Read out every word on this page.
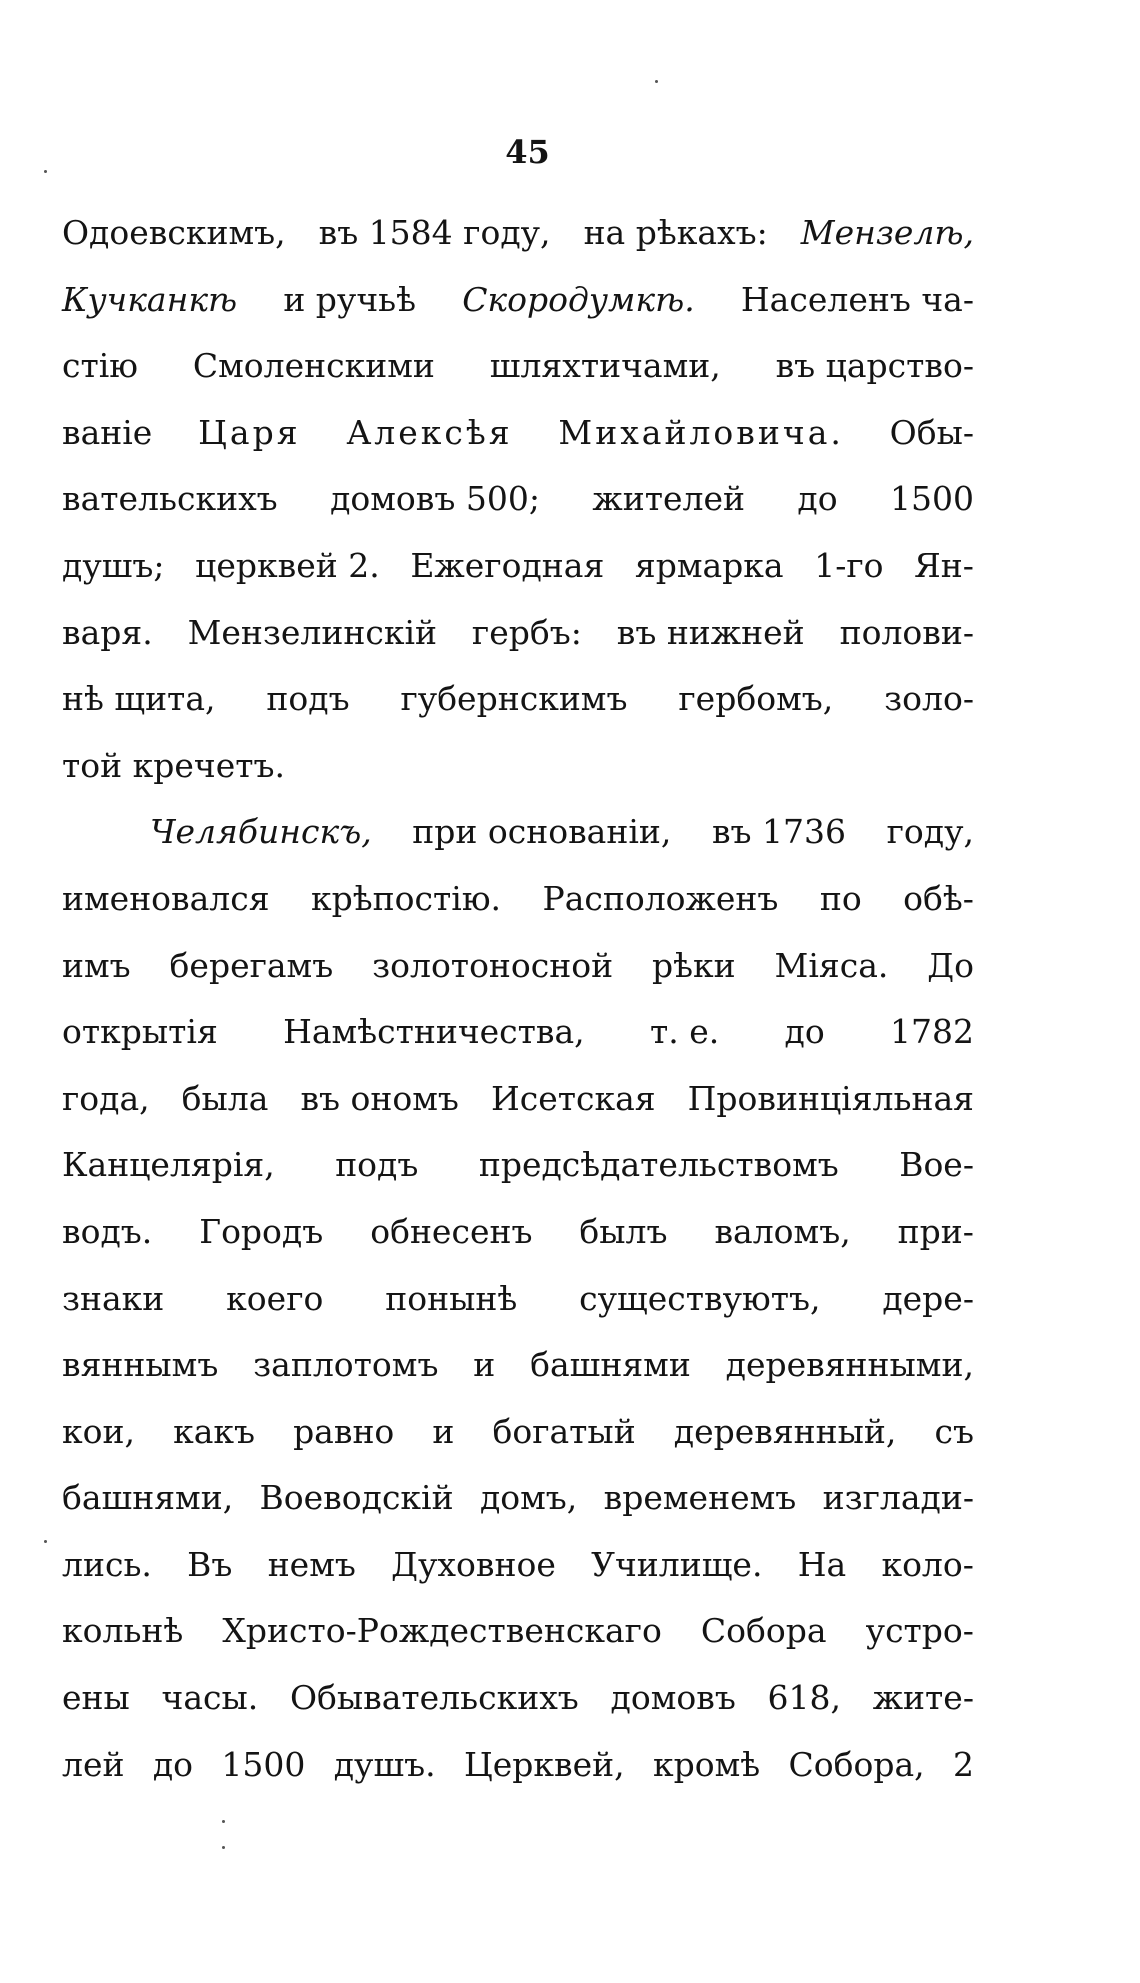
45
Одоевскимъ, въ 1584 году, на рѣкахъ: Мензелѣ,
Кучканкѣ и ручьѣ Скородумкѣ. Населенъ ча-
стію Смоленскими шляхтичами, въ царство-
ваніе Царя Алексѣя Михайловича. Обы-
вательскихъ домовъ 500; жителей до 1500
душъ; церквей 2. Ежегодная ярмарка 1-го Ян-
варя. Мензелинскій гербъ: въ нижней полови-
нѣ щита, подъ губернскимъ гербомъ, золо-
той кречетъ.
Челябинскъ, при основаніи, въ 1736 году,
именовался крѣпостію. Расположенъ по обѣ-
имъ берегамъ золотоносной рѣки Міяса. До
открытія Намѣстничества, т. е. до 1782
года, была въ ономъ Исетская Провинціяльная
Канцелярія, подъ предсѣдательствомъ Вое-
водъ. Городъ обнесенъ былъ валомъ, при-
знаки коего понынѣ существуютъ, дере-
вяннымъ заплотомъ и башнями деревянными,
кои, какъ равно и богатый деревянный, съ
башнями, Воеводскій домъ, временемъ изглади-
лись. Въ немъ Духовное Училище. На коло-
кольнѣ Христо-Рождественскаго Собора устро-
ены часы. Обывательскихъ домовъ 618, жите-
лей до 1500 душъ. Церквей, кромѣ Собора, 2
